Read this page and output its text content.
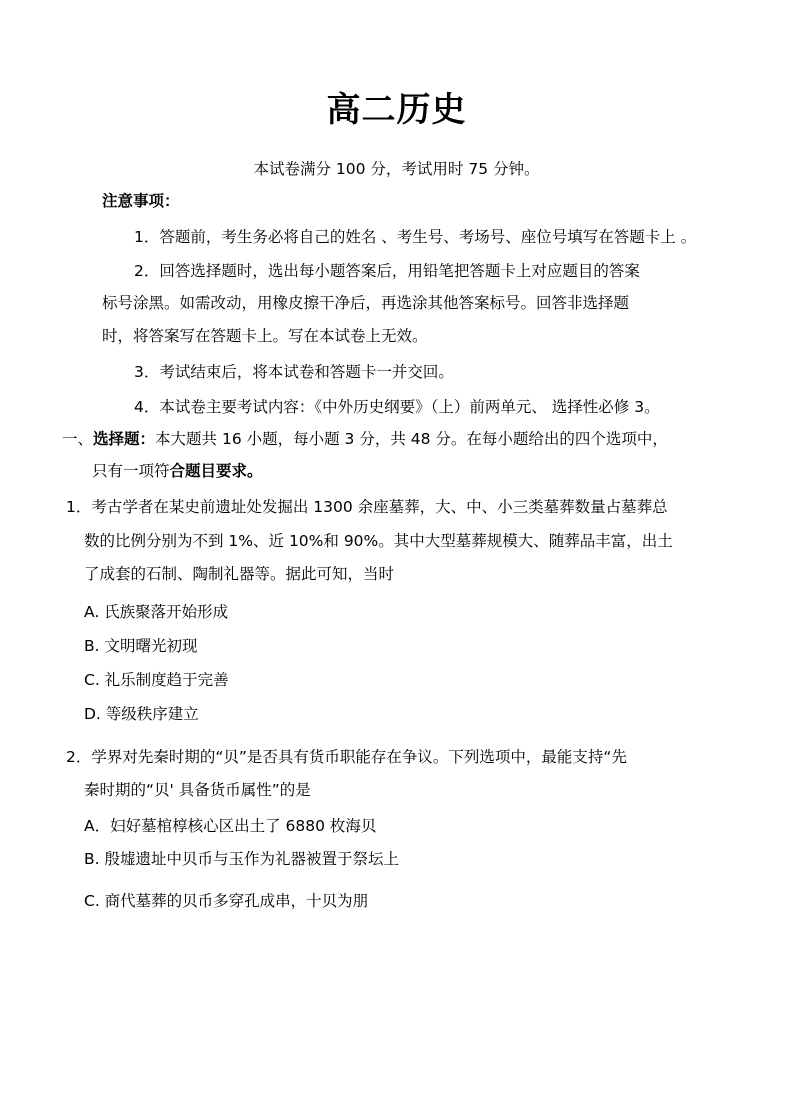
高二历史

本试卷满分 100 分，考试用时 75 分钟。

注意事项：

1．答题前，考生务必将自己的姓名 、考生号、考场号、座位号填写在答题卡上 。

2．回答选择题时，选出每小题答案后，用铅笔把答题卡上对应题目的答案

标号涂黑。如需改动，用橡皮擦干净后，再选涂其他答案标号。回答非选择题

时，将答案写在答题卡上。写在本试卷上无效。

3．考试结束后，将本试卷和答题卡一并交回。

4．本试卷主要考试内容：《中外历史纲要》（上）前两单元、 选择性必修 3。

一、选择题：本大题共 16 小题，每小题 3 分，共 48 分。在每小题给出的四个选项中，

只有一项符合题目要求。

1．考古学者在某史前遗址处发掘出 1300 余座墓葬，大、中、小三类墓葬数量占墓葬总

数的比例分别为不到 1%、近 10%和 90%。其中大型墓葬规模大、随葬品丰富，出土

了成套的石制、陶制礼器等。据此可知，当时

A. 氏族聚落开始形成

B. 文明曙光初现

C. 礼乐制度趋于完善

D. 等级秩序建立

2．学界对先秦时期的“贝”是否具有货币职能存在争议。下列选项中，最能支持“先

秦时期的“贝' 具备货币属性”的是

A．妇好墓棺椁核心区出土了 6880 枚海贝

B. 殷墟遗址中贝币与玉作为礼器被置于祭坛上

C. 商代墓葬的贝币多穿孔成串，十贝为朋
